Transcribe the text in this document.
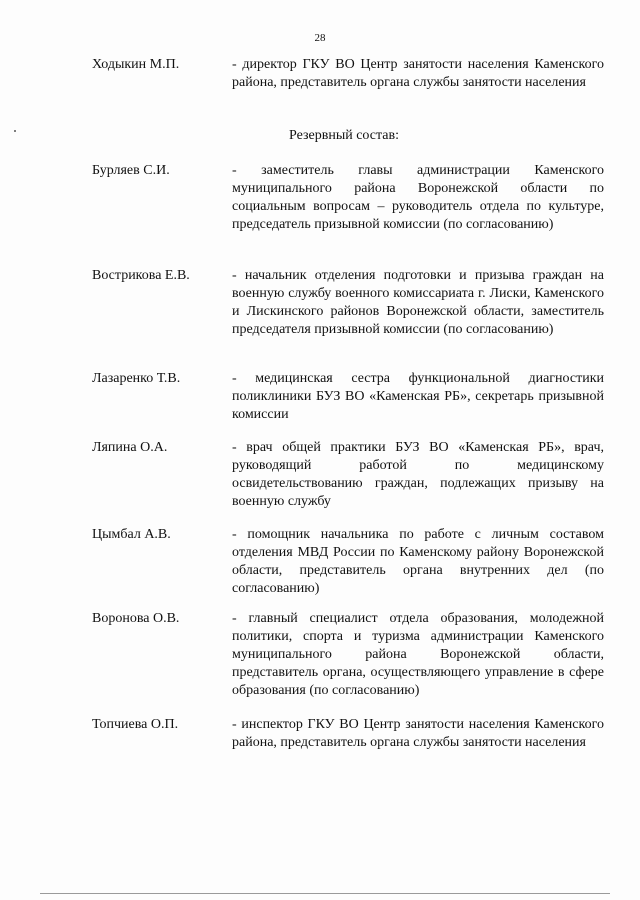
28
Ходыкин М.П.	- директор ГКУ ВО Центр занятости населения Каменского района, представитель органа службы занятости населения
Резервный состав:
Бурляев С.И.	- заместитель главы администрации Каменского муниципального района Воронежской области по социальным вопросам – руководитель отдела по культуре, председатель призывной комиссии (по согласованию)
Вострикова Е.В.	- начальник отделения подготовки и призыва граждан на военную службу военного комиссариата г. Лиски, Каменского и Лискинского районов Воронежской области, заместитель председателя призывной комиссии (по согласованию)
Лазаренко Т.В.	- медицинская сестра функциональной диагностики поликлиники БУЗ ВО «Каменская РБ», секретарь призывной комиссии
Ляпина О.А.	- врач общей практики БУЗ ВО «Каменская РБ», врач, руководящий работой по медицинскому освидетельствованию граждан, подлежащих призыву на военную службу
Цымбал А.В.	- помощник начальника по работе с личным составом отделения МВД России по Каменскому району Воронежской области, представитель органа внутренних дел (по согласованию)
Воронова О.В.	- главный специалист отдела образования, молодежной политики, спорта и туризма администрации Каменского муниципального района Воронежской области, представитель органа, осуществляющего управление в сфере образования (по согласованию)
Топчиева О.П.	- инспектор ГКУ ВО Центр занятости населения Каменского района, представитель органа службы занятости населения
